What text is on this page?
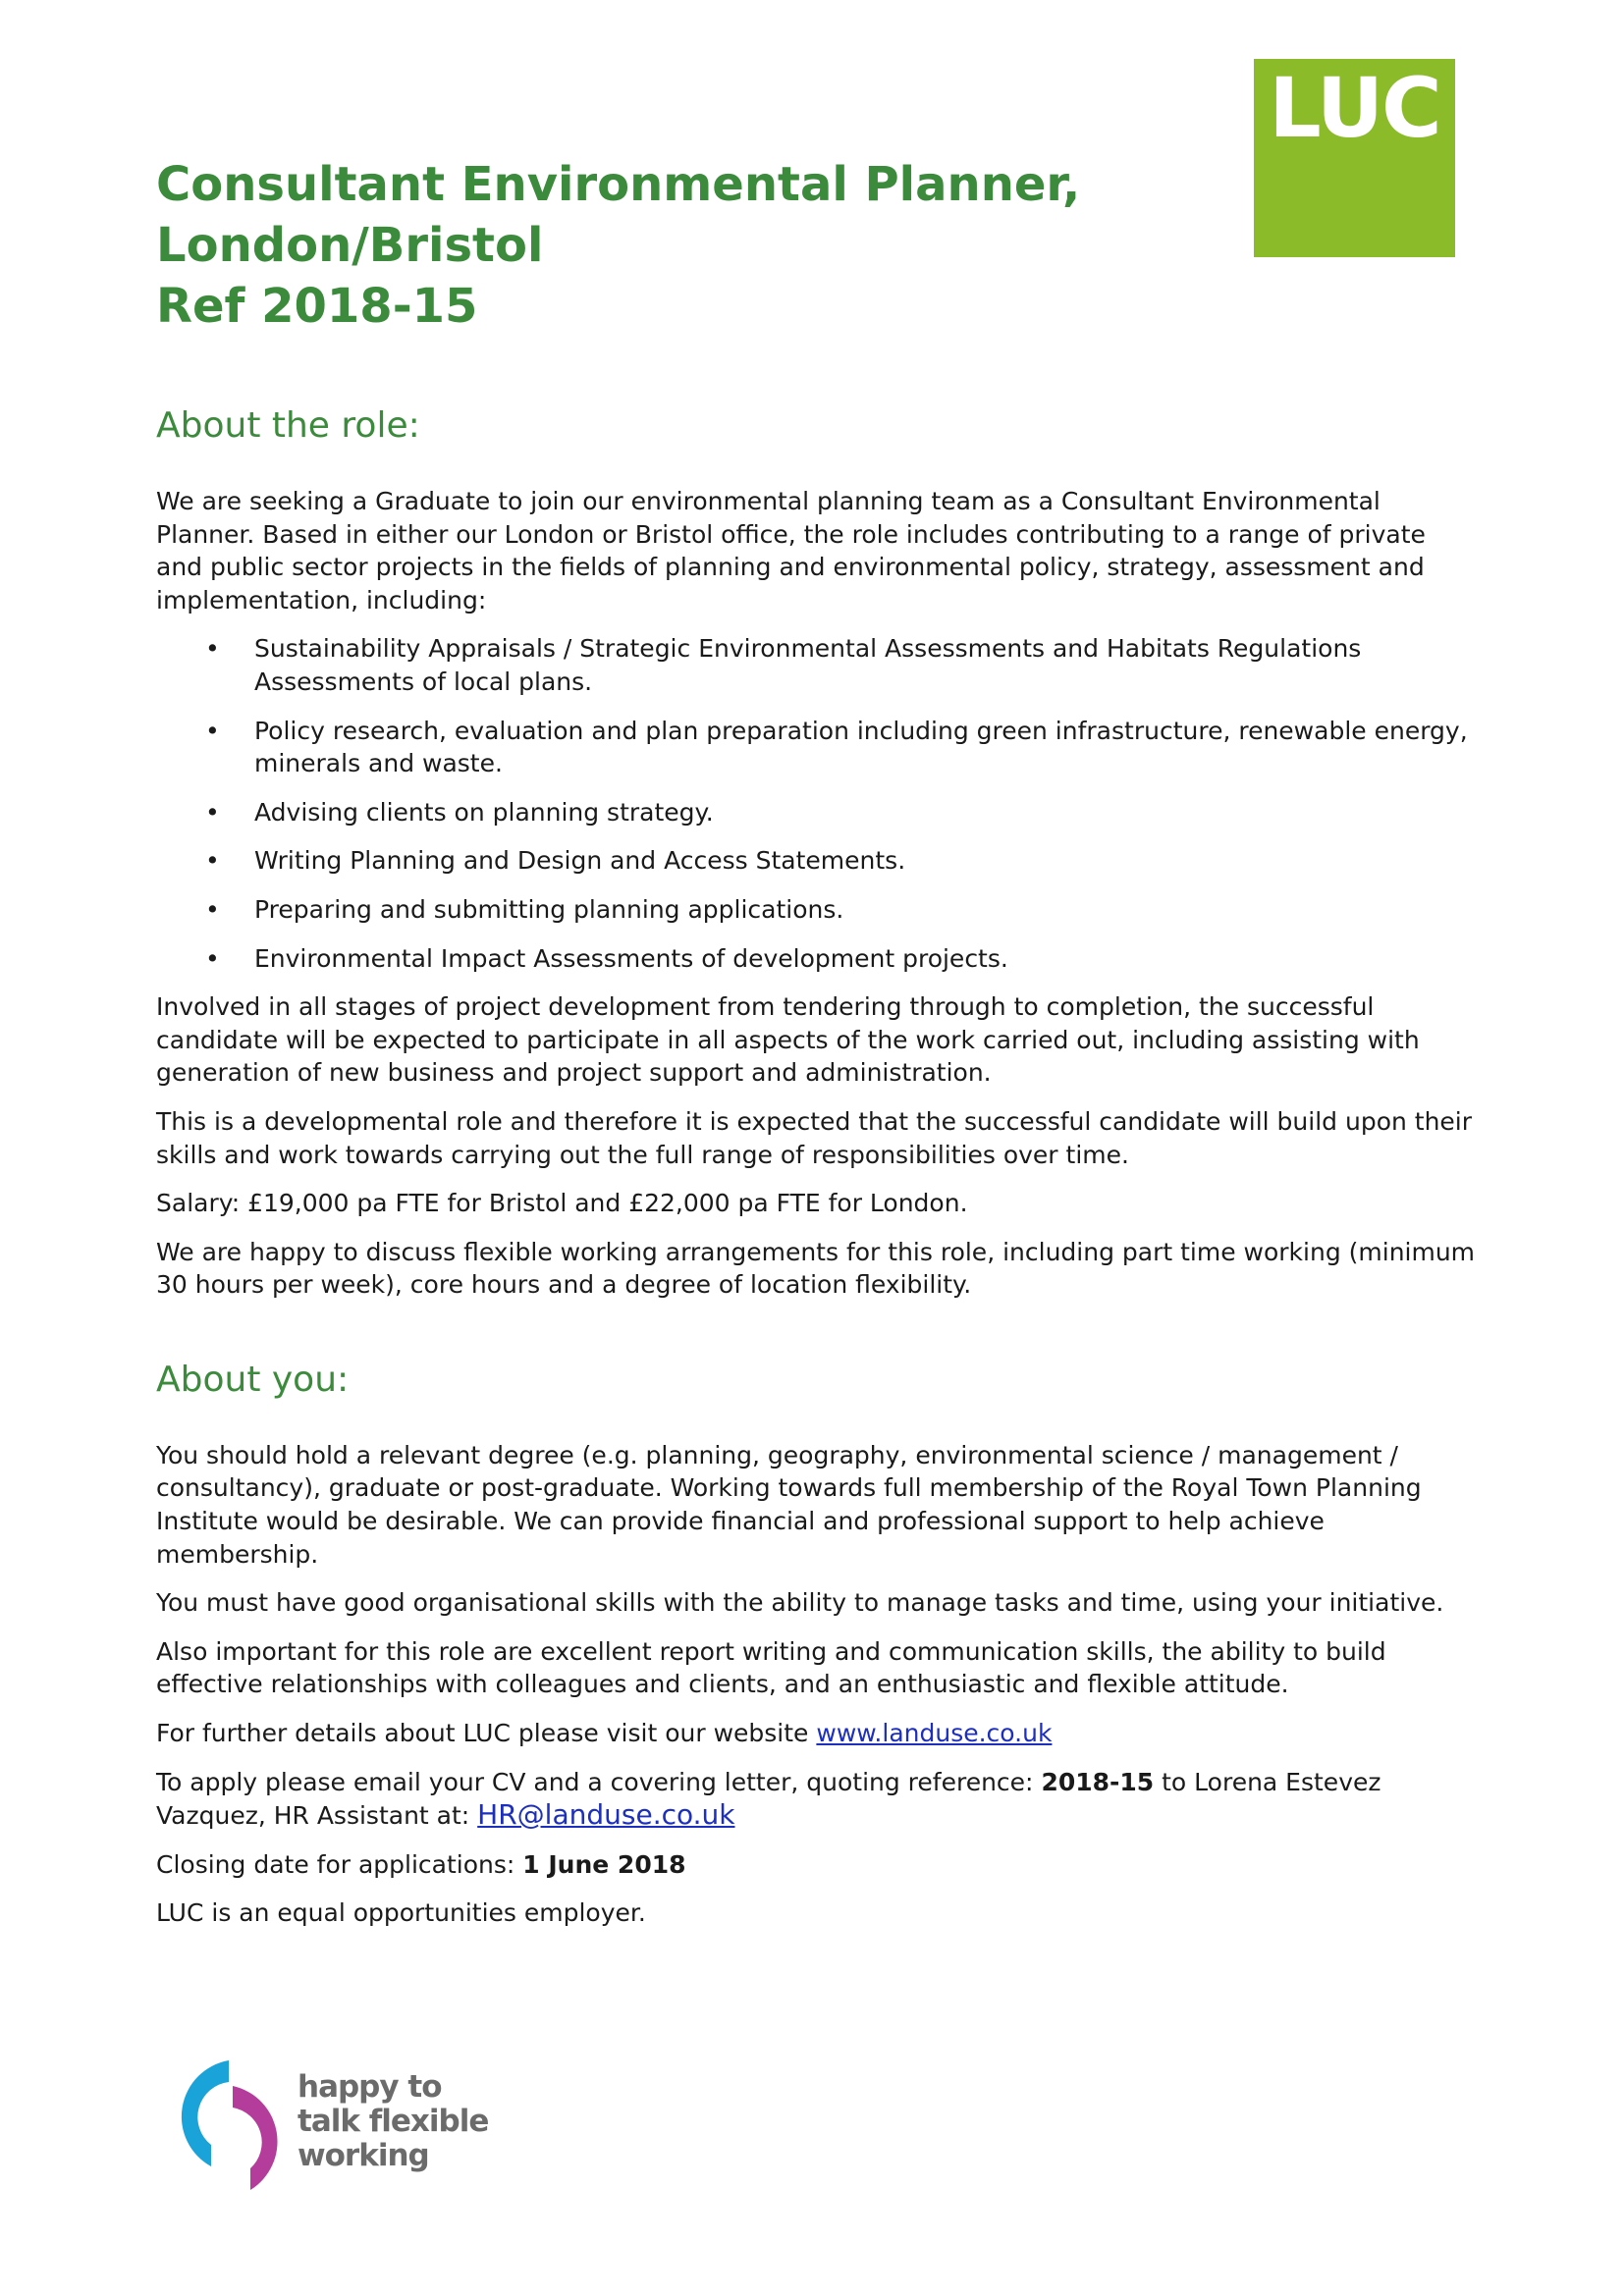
LUC
Consultant Environmental Planner,
London/Bristol
Ref 2018-15
About the role:

We are seeking a Graduate to join our environmental planning team as a Consultant Environmental Planner. Based in either our London or Bristol office, the role includes contributing to a range of private and public sector projects in the fields of planning and environmental policy, strategy, assessment and implementation, including:

• Sustainability Appraisals / Strategic Environmental Assessments and Habitats Regulations Assessments of local plans.
• Policy research, evaluation and plan preparation including green infrastructure, renewable energy, minerals and waste.
• Advising clients on planning strategy.
• Writing Planning and Design and Access Statements.
• Preparing and submitting planning applications.
• Environmental Impact Assessments of development projects.

Involved in all stages of project development from tendering through to completion, the successful candidate will be expected to participate in all aspects of the work carried out, including assisting with generation of new business and project support and administration.

This is a developmental role and therefore it is expected that the successful candidate will build upon their skills and work towards carrying out the full range of responsibilities over time.

Salary: £19,000 pa FTE for Bristol and £22,000 pa FTE for London.

We are happy to discuss flexible working arrangements for this role, including part time working (minimum 30 hours per week), core hours and a degree of location flexibility.

About you:

You should hold a relevant degree (e.g. planning, geography, environmental science / management / consultancy), graduate or post-graduate. Working towards full membership of the Royal Town Planning Institute would be desirable. We can provide financial and professional support to help achieve membership.

You must have good organisational skills with the ability to manage tasks and time, using your initiative.

Also important for this role are excellent report writing and communication skills, the ability to build effective relationships with colleagues and clients, and an enthusiastic and flexible attitude.

For further details about LUC please visit our website www.landuse.co.uk

To apply please email your CV and a covering letter, quoting reference: 2018-15 to Lorena Estevez Vazquez, HR Assistant at: HR@landuse.co.uk

Closing date for applications: 1 June 2018

LUC is an equal opportunities employer.

happy to
talk flexible
working
